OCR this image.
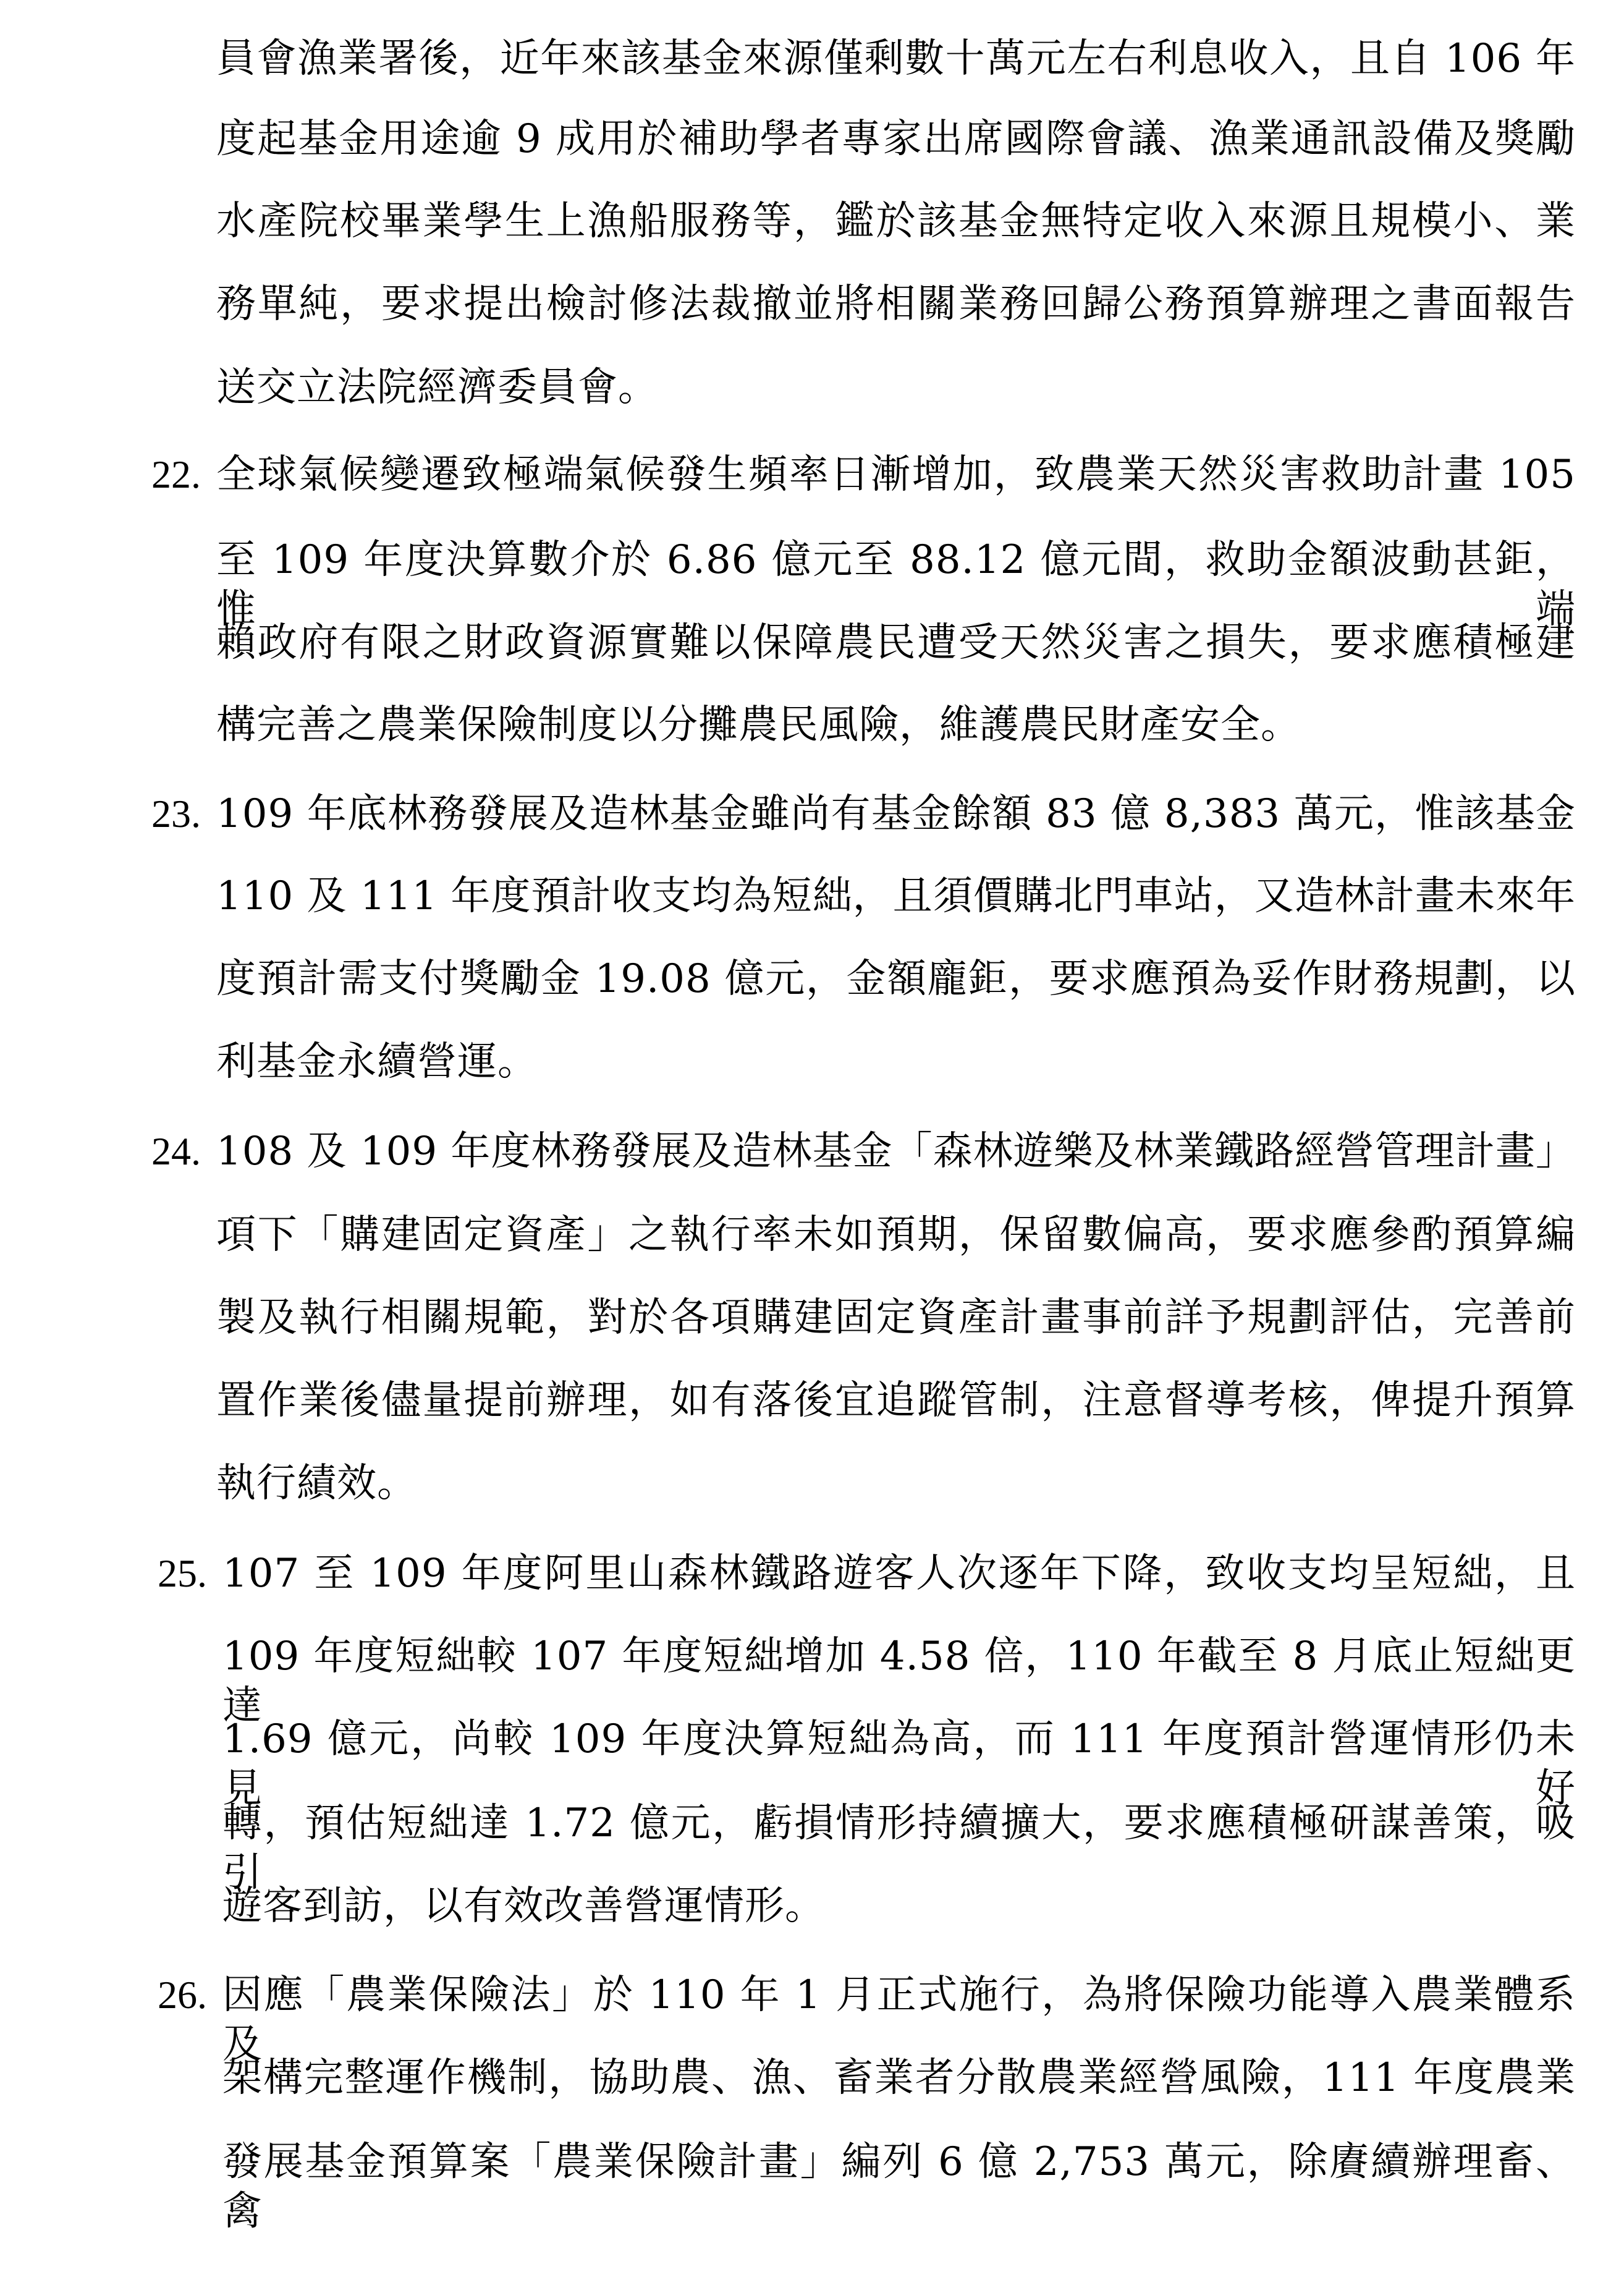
員會漁業署後，近年來該基金來源僅剩數十萬元左右利息收入，且自 106 年
度起基金用途逾 9 成用於補助學者專家出席國際會議、漁業通訊設備及獎勵
水產院校畢業學生上漁船服務等，鑑於該基金無特定收入來源且規模小、業
務單純，要求提出檢討修法裁撤並將相關業務回歸公務預算辦理之書面報告
送交立法院經濟委員會。
22. 全球氣候變遷致極端氣候發生頻率日漸增加，致農業天然災害救助計畫 105
至 109 年度決算數介於 6.86 億元至 88.12 億元間，救助金額波動甚鉅，惟端
賴政府有限之財政資源實難以保障農民遭受天然災害之損失，要求應積極建
構完善之農業保險制度以分攤農民風險，維護農民財產安全。
23. 109 年底林務發展及造林基金雖尚有基金餘額 83 億 8,383 萬元，惟該基金
110 及 111 年度預計收支均為短絀，且須價購北門車站，又造林計畫未來年
度預計需支付獎勵金 19.08 億元，金額龐鉅，要求應預為妥作財務規劃，以
利基金永續營運。
24. 108 及 109 年度林務發展及造林基金「森林遊樂及林業鐵路經營管理計畫」
項下「購建固定資產」之執行率未如預期，保留數偏高，要求應參酌預算編
製及執行相關規範，對於各項購建固定資產計畫事前詳予規劃評估，完善前
置作業後儘量提前辦理，如有落後宜追蹤管制，注意督導考核，俾提升預算
執行績效。
25. 107 至 109 年度阿里山森林鐵路遊客人次逐年下降，致收支均呈短絀，且
109 年度短絀較 107 年度短絀增加 4.58 倍，110 年截至 8 月底止短絀更達
1.69 億元，尚較 109 年度決算短絀為高，而 111 年度預計營運情形仍未見好
轉，預估短絀達 1.72 億元，虧損情形持續擴大，要求應積極研謀善策，吸引
遊客到訪，以有效改善營運情形。
26. 因應「農業保險法」於 110 年 1 月正式施行，為將保險功能導入農業體系及
架構完整運作機制，協助農、漁、畜業者分散農業經營風險，111 年度農業
發展基金預算案「農業保險計畫」編列 6 億 2,753 萬元，除賡續辦理畜、禽
